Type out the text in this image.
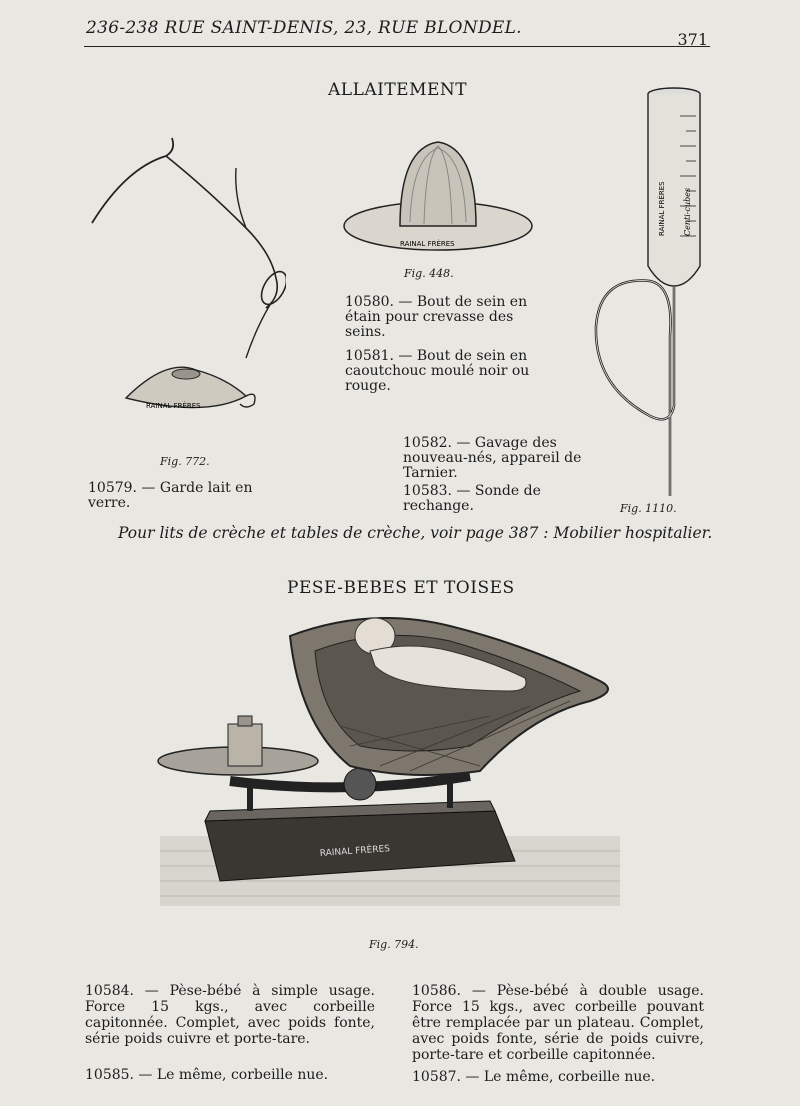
236-238 RUE SAINT-DENIS, 23, RUE BLONDEL.
371
ALLAITEMENT
RAINAL FRÈRES
Fig. 772.
RAINAL FRÈRES
Fig. 448.
10580. — Bout de sein en étain pour crevasse des seins.
10581. — Bout de sein en caoutchouc moulé noir ou rouge.
RAINAL FRÈRES Centi-cubes
Fig. 1110.
10579. — Garde lait en verre.
10582. — Gavage des nouveau-nés, appareil de Tarnier.
10583. — Sonde de rechange.
Pour lits de crèche et tables de crèche, voir page 387 : Mobilier hospitalier.
PESE-BEBES ET TOISES
RAINAL FRÈRES
Fig. 794.
10584. — Pèse-bébé à simple usage. Force 15 kgs., avec corbeille capitonnée. Complet, avec poids fonte, série poids cuivre et porte-tare.
10585. — Le même, corbeille nue.
10586. — Pèse-bébé à double usage. Force 15 kgs., avec corbeille pouvant être remplacée par un plateau. Complet, avec poids fonte, série de poids cuivre, porte-tare et corbeille capitonnée.
10587. — Le même, corbeille nue.
